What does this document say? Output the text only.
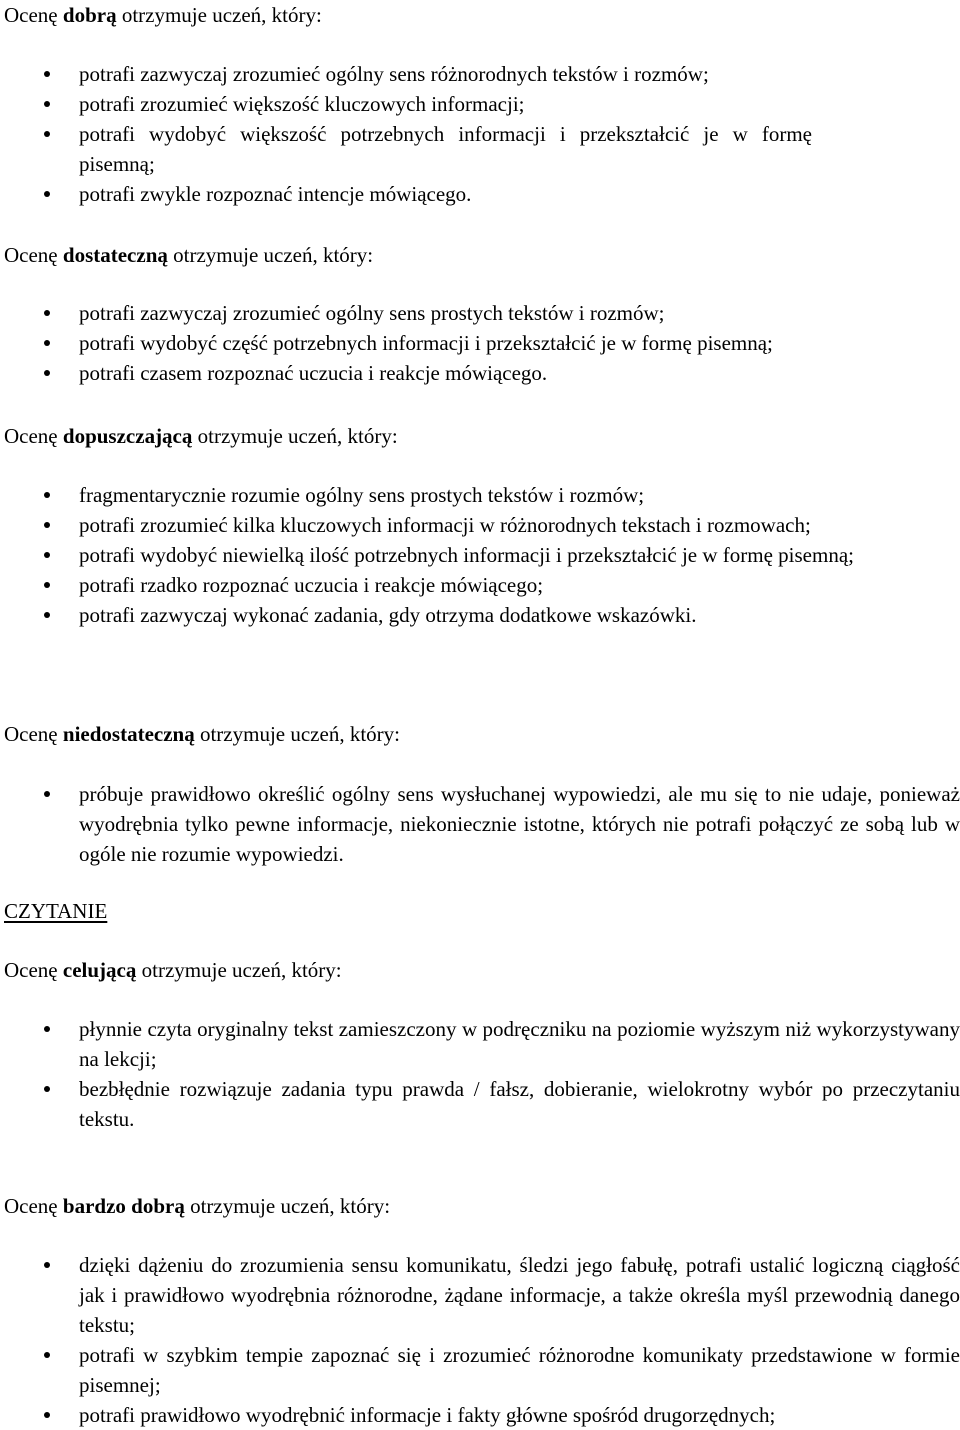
Ocenę dobrą otrzymuje uczeń, który:

potrafi zazwyczaj zrozumieć ogólny sens różnorodnych tekstów i rozmów;
potrafi zrozumieć większość kluczowych informacji;
potrafi wydobyć większość potrzebnych informacji i przekształcić je w formę pisemną;
potrafi zwykle rozpoznać intencje mówiącego.

Ocenę dostateczną otrzymuje uczeń, który:

potrafi zazwyczaj zrozumieć ogólny sens prostych tekstów i rozmów;
potrafi wydobyć część potrzebnych informacji i przekształcić je w formę pisemną;
potrafi czasem rozpoznać uczucia i reakcje mówiącego.

Ocenę dopuszczającą otrzymuje uczeń, który:

fragmentarycznie rozumie ogólny sens prostych tekstów i rozmów;
potrafi zrozumieć kilka kluczowych informacji w różnorodnych tekstach i rozmowach;
potrafi wydobyć niewielką ilość potrzebnych informacji i przekształcić je w formę pisemną;
potrafi rzadko rozpoznać uczucia i reakcje mówiącego;
potrafi zazwyczaj wykonać zadania, gdy otrzyma dodatkowe wskazówki.

Ocenę niedostateczną otrzymuje uczeń, który:

próbuje prawidłowo określić ogólny sens wysłuchanej wypowiedzi, ale mu się to nie udaje, ponieważ wyodrębnia tylko pewne informacje, niekoniecznie istotne, których nie potrafi połączyć ze sobą lub w ogóle nie rozumie wypowiedzi.

CZYTANIE

Ocenę celującą otrzymuje uczeń, który:

płynnie czyta oryginalny tekst zamieszczony w podręczniku na poziomie wyższym niż wykorzystywany na lekcji;
bezbłędnie rozwiązuje zadania typu prawda / fałsz, dobieranie, wielokrotny wybór po przeczytaniu tekstu.

Ocenę bardzo dobrą otrzymuje uczeń, który:

dzięki dążeniu do zrozumienia sensu komunikatu, śledzi jego fabułę, potrafi ustalić logiczną ciągłość jak i prawidłowo wyodrębnia różnorodne, żądane informacje, a także określa myśl przewodnią danego tekstu;
potrafi w szybkim tempie zapoznać się i zrozumieć różnorodne komunikaty przedstawione w formie pisemnej;
potrafi prawidłowo wyodrębnić informacje i fakty główne spośród drugorzędnych;
